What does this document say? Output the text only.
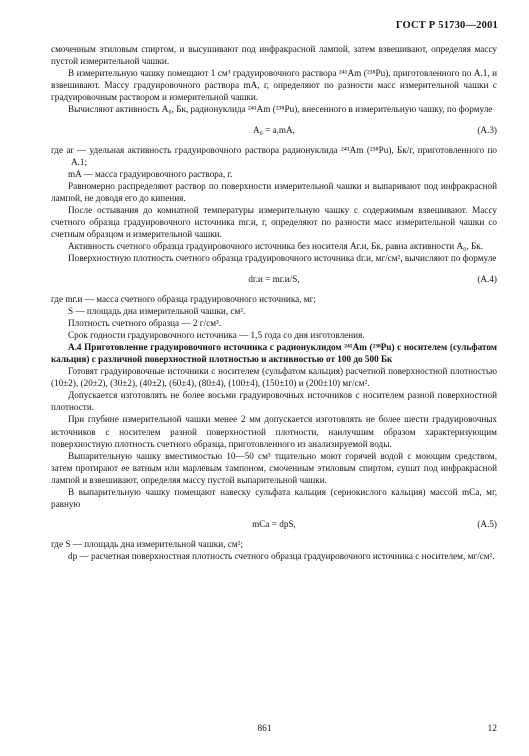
ГОСТ Р 51730—2001

смоченным этиловым спиртом, и высушивают под инфракрасной лампой, затем взвешивают, определяя массу пустой измерительной чашки.

В измерительную чашку помещают 1 см³ градуировочного раствора ²⁴¹Am (²³⁸Pu), приготовленного по А.1, и взвешивают. Массу градуировочного раствора mA, г, определяют по разности масс измерительной чашки с градуировочным раствором и измерительной чашки.

Вычисляют активность A₀, Бк, радионуклида ²⁴¹Am (²³⁸Pu), внесенного в измерительную чашку, по формуле

A₀ = aᵣmA,	(А.3)

где ar — удельная активность градуировочного раствора радионуклида ²⁴¹Am (²³⁸Pu), Бк/г, приготовленного по А.1;

mA — масса градуировочного раствора, г.

Равномерно распределяют раствор по поверхности измерительной чашки и выпаривают под инфракрасной лампой, не доводя его до кипения.

После остывания до комнатной температуры измерительную чашку с содержимым взвешивают. Массу счетного образца градуировочного источника mг.и, г, определяют по разности масс измерительной чашки со счетным образцом и измерительной чашки.

Активность счетного образца градуировочного источника без носителя Aг.и, Бк, равна активности A₀, Бк.

Поверхностную плотность счетного образца градуировочного источника dг.и, мг/см², вычисляют по формуле

dг.и = mг.и/S,	(А.4)

где mг.и — масса счетного образца градуировочного источника, мг;

S — площадь дна измерительной чашки, см².

Плотность счетного образца — 2 г/см³.

Срок годности градуировочного источника — 1,5 года со дня изготовления.

А.4 Приготовление градуировочного источника с радионуклидом ²⁴¹Am (²³⁸Pu) с носителем (сульфатом кальция) с различной поверхностной плотностью и активностью от 100 до 500 Бк

Готовят градуировочные источники с носителем (сульфатом кальция) расчетной поверхностной плотностью (10±2), (20±2), (30±2), (40±2), (60±4), (80±4), (100±4), (150±10) и (200±10) мг/см².

Допускается изготовлять не более восьми градуировочных источников с носителем разной поверхностной плотности.

При глубине измерительной чашки менее 2 мм допускается изготовлять не более шести градуировочных источников с носителем разной поверхностной плотности, наилучшим образом характеризующим поверхностную плотность счетного образца, приготовленного из анализируемой воды.

Выпарительную чашку вместимостью 10—50 см³ тщательно моют горячей водой с моющим средством, затем протирают ее ватным или марлевым тампоном, смоченным этиловым спиртом, сушат под инфракрасной лампой и взвешивают, определяя массу пустой выпарительной чашки.

В выпарительную чашку помещают навеску сульфата кальция (сернокислого кальция) массой mCa, мг, равную

mCa = dрS,	(А.5)

где S — площадь дна измерительной чашки, см²;

dр — расчетная поверхностная плотность счетного образца градуировочного источника с носителем, мг/см².

861	12
